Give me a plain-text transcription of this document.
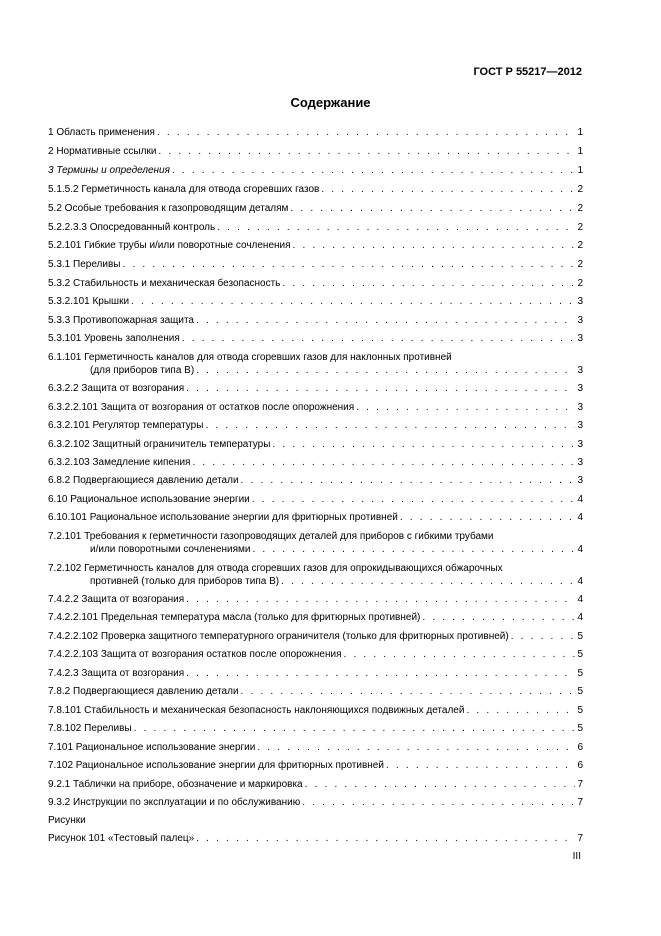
ГОСТ Р 55217—2012
Содержание
1 Область применения . . .	1
2 Нормативные ссылки . . .	1
3 Термины и определения . . .	1
5.1.5.2 Герметичность канала для отвода сгоревших газов . . .	2
5.2 Особые требования к газопроводящим деталям . . .	2
5.2.2.3.3 Опосредованный контроль . . .	2
5.2.101 Гибкие трубы и/или поворотные сочленения . . .	2
5.3.1 Переливы . . .	2
5.3.2 Стабильность и механическая безопасность . . .	2
5.3.2.101 Крышки . . .	3
5.3.3 Противопожарная защита . . .	3
5.3.101 Уровень заполнения . . .	3
6.1.101 Герметичность каналов для отвода сгоревших газов для наклонных противней
(для приборов типа В) . . .	3
6.3.2.2 Защита от возгорания . . .	3
6.3.2.2.101 Защита от возгорания от остатков после опорожнения . . .	3
6.3.2.101 Регулятор температуры . . .	3
6.3.2.102 Защитный ограничитель температуры . . .	3
6.3.2.103 Замедление кипения . . .	3
6.8.2 Подвергающиеся давлению детали . . .	3
6.10 Рациональное использование энергии . . .	4
6.10.101 Рациональное использование энергии для фритюрных противней . . .	4
7.2.101 Требования к герметичности газопроводящих деталей для приборов с гибкими трубами
и/или поворотными сочленениями . . .	4
7.2.102 Герметичность каналов для отвода сгоревших газов для опрокидывающихся обжарочных
противней (только для приборов типа В) . . .	4
7.4.2.2 Защита от возгорания . . .	4
7.4.2.2.101 Предельная температура масла (только для фритюрных противней) . . .	4
7.4.2.2.102 Проверка защитного температурного ограничителя (только для фритюрных противней) . . .	5
7.4.2.2.103 Защита от возгорания остатков после опорожнения . . .	5
7.4.2.3 Защита от возгорания . . .	5
7.8.2 Подвергающиеся давлению детали . . .	5
7.8.101 Стабильность и механическая безопасность наклоняющихся подвижных деталей . . .	5
7.8.102 Переливы . . .	5
7.101 Рациональное использование энергии . . .	6
7.102 Рациональное использование энергии для фритюрных противней . . .	6
9.2.1 Таблички на приборе, обозначение и маркировка . . .	7
9.3.2 Инструкции по эксплуатации и по обслуживанию . . .	7
Рисунки
Рисунок 101 «Тестовый палец» . . .	7
III
